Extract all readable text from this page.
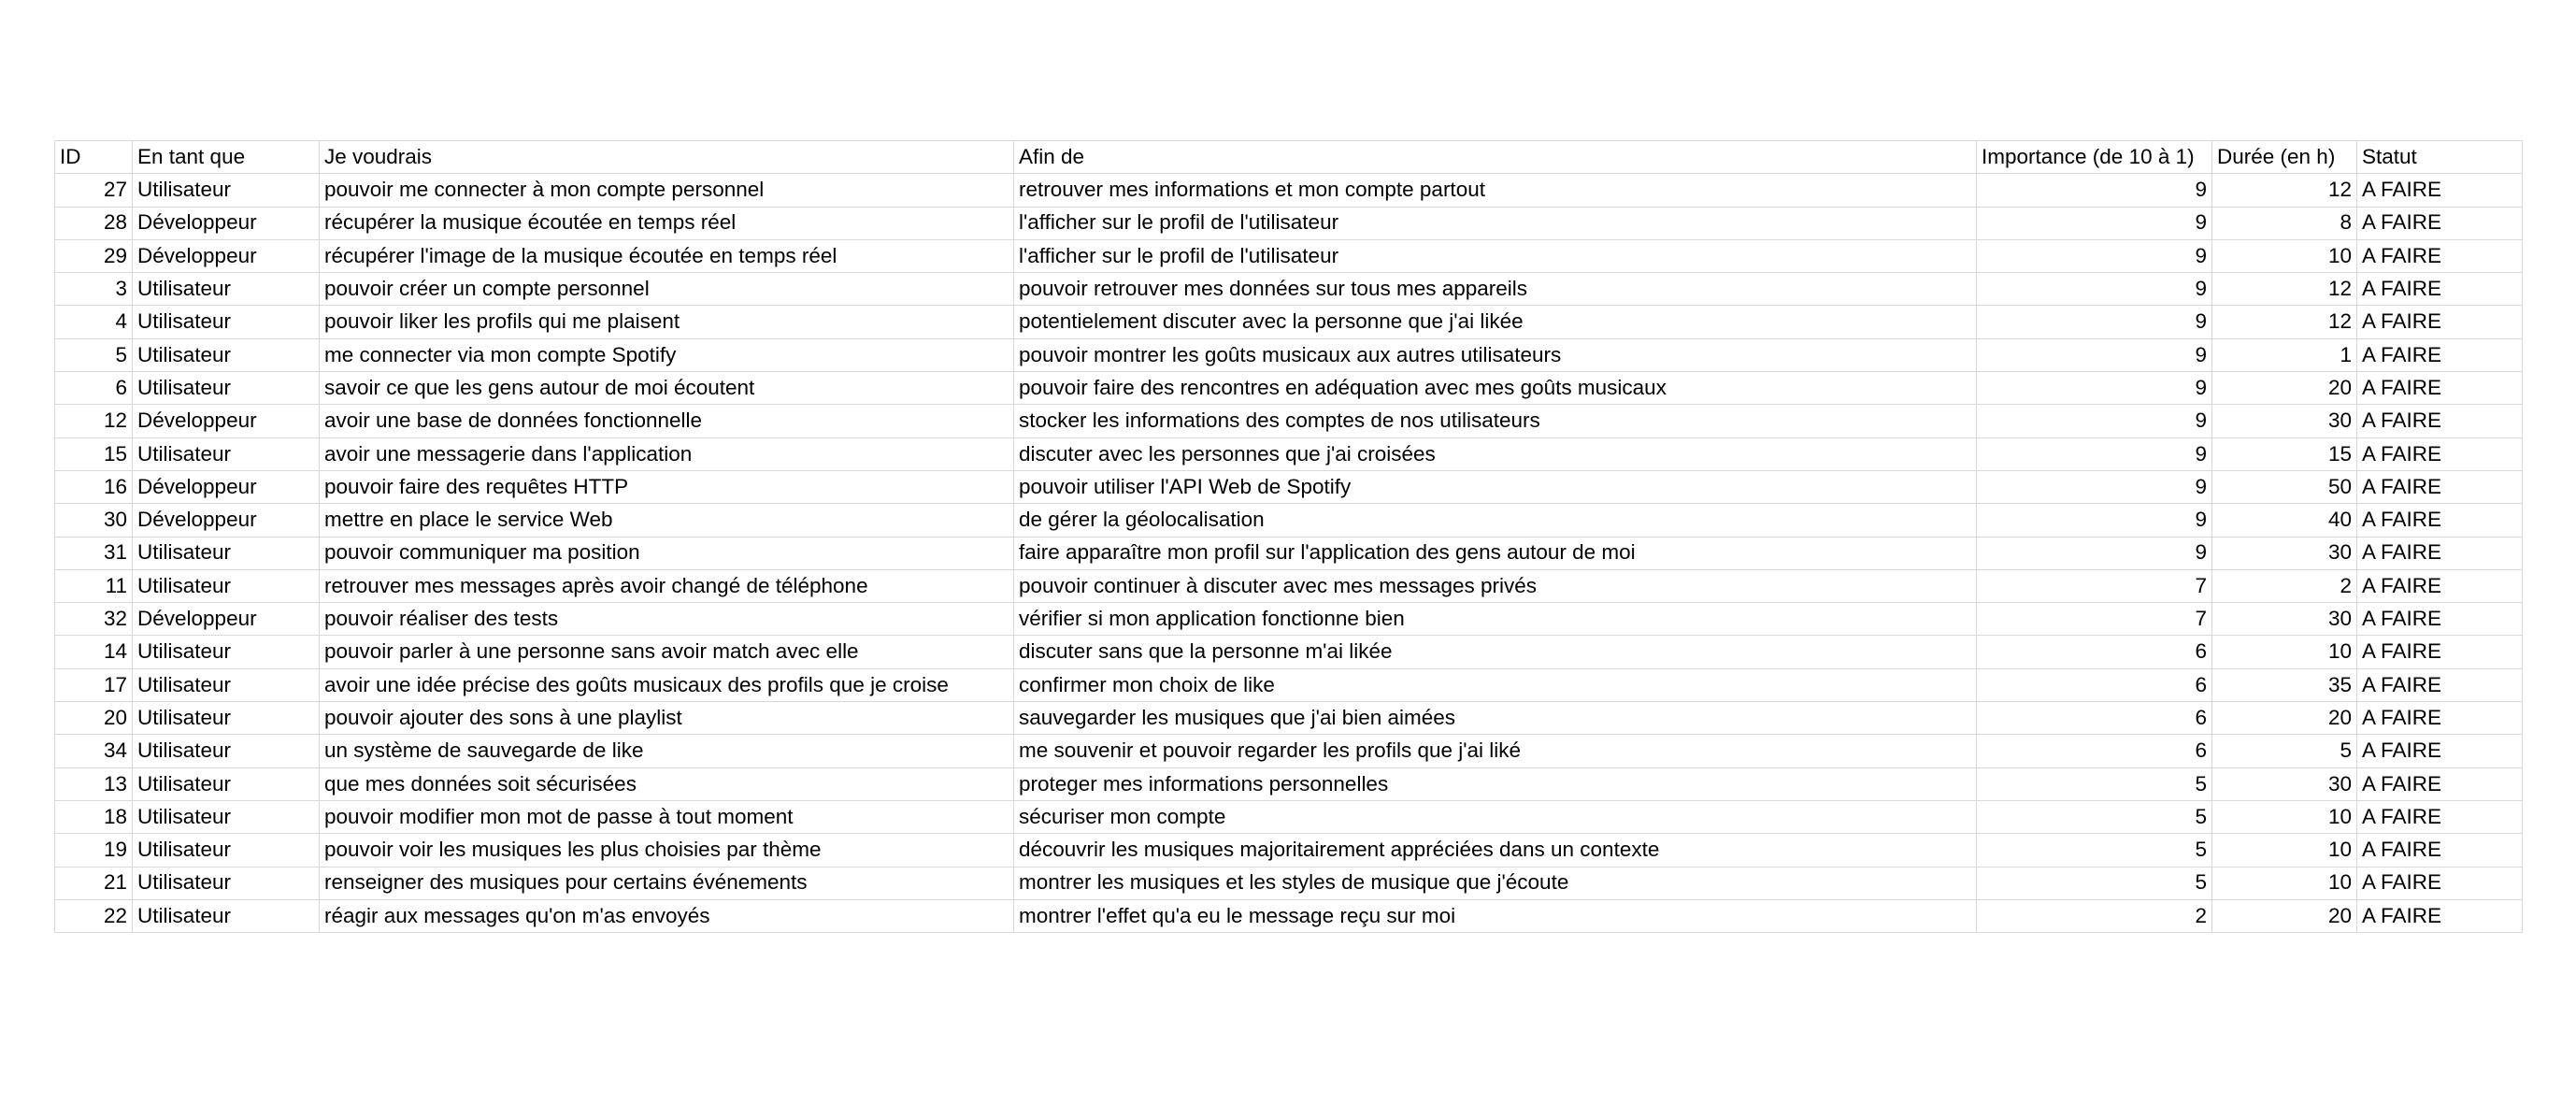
ID	En tant que	Je voudrais	Afin de	Importance (de 10 à 1)	Durée (en h)	Statut
27	Utilisateur	pouvoir me connecter à mon compte personnel	retrouver mes informations et mon compte partout	9	12	A FAIRE
28	Développeur	récupérer la musique écoutée en temps réel	l'afficher sur le profil de l'utilisateur	9	8	A FAIRE
29	Développeur	récupérer l'image de la musique écoutée en temps réel	l'afficher sur le profil de l'utilisateur	9	10	A FAIRE
3	Utilisateur	pouvoir créer un compte personnel	pouvoir retrouver mes données sur tous mes appareils	9	12	A FAIRE
4	Utilisateur	pouvoir liker les profils qui me plaisent	potentielement discuter avec la personne que j'ai likée	9	12	A FAIRE
5	Utilisateur	me connecter via mon compte Spotify	pouvoir montrer les goûts musicaux aux autres utilisateurs	9	1	A FAIRE
6	Utilisateur	savoir ce que les gens autour de moi écoutent	pouvoir faire des rencontres en adéquation avec mes goûts musicaux	9	20	A FAIRE
12	Développeur	avoir une base de données fonctionnelle	stocker les informations des comptes de nos utilisateurs	9	30	A FAIRE
15	Utilisateur	avoir une messagerie dans l'application	discuter avec les personnes que j'ai croisées	9	15	A FAIRE
16	Développeur	pouvoir faire des requêtes HTTP	pouvoir utiliser l'API Web de Spotify	9	50	A FAIRE
30	Développeur	mettre en place le service Web	de gérer la géolocalisation	9	40	A FAIRE
31	Utilisateur	pouvoir communiquer ma position	faire apparaître mon profil sur l'application des gens autour de moi	9	30	A FAIRE
11	Utilisateur	retrouver mes messages après avoir changé de téléphone	pouvoir continuer à discuter avec mes messages privés	7	2	A FAIRE
32	Développeur	pouvoir réaliser des tests	vérifier si mon application fonctionne bien	7	30	A FAIRE
14	Utilisateur	pouvoir parler à une personne sans avoir match avec elle	discuter sans que la personne m'ai likée	6	10	A FAIRE
17	Utilisateur	avoir une idée précise des goûts musicaux des profils que je croise	confirmer mon choix de like	6	35	A FAIRE
20	Utilisateur	pouvoir ajouter des sons à une playlist	sauvegarder les musiques que j'ai bien aimées	6	20	A FAIRE
34	Utilisateur	un système de sauvegarde de like	me souvenir et pouvoir regarder les profils que j'ai liké	6	5	A FAIRE
13	Utilisateur	que mes données soit sécurisées	proteger mes informations personnelles	5	30	A FAIRE
18	Utilisateur	pouvoir modifier mon mot de passe à tout moment	sécuriser mon compte	5	10	A FAIRE
19	Utilisateur	pouvoir voir les musiques les plus choisies par thème	découvrir les musiques majoritairement appréciées dans un contexte	5	10	A FAIRE
21	Utilisateur	renseigner des musiques pour certains événements	montrer les musiques et les styles de musique que j'écoute	5	10	A FAIRE
22	Utilisateur	réagir aux messages qu'on m'as envoyés	montrer l'effet qu'a eu le message reçu sur moi	2	20	A FAIRE
